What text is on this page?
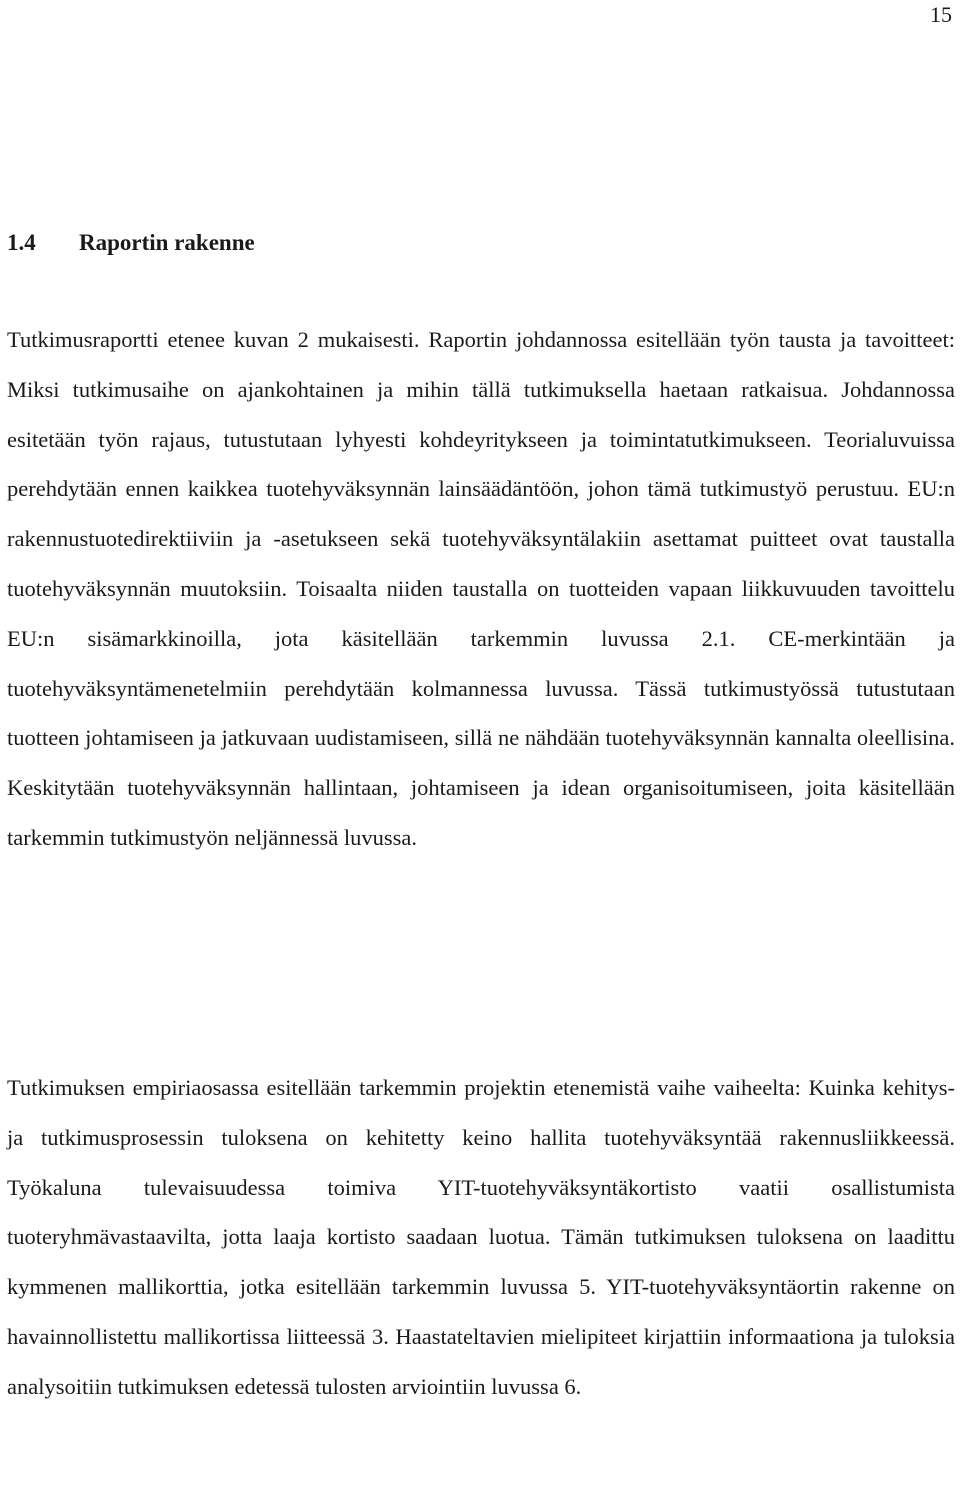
15
1.4 Raportin rakenne

Tutkimusraportti etenee kuvan 2 mukaisesti. Raportin johdannossa esitellään työn tausta ja tavoitteet: Miksi tutkimusaihe on ajankohtainen ja mihin tällä tutkimuksella haetaan ratkaisua. Johdannossa esitetään työn rajaus, tutustutaan lyhyesti kohdeyritykseen ja toimintatutkimukseen. Teorialuvuissa perehdytään ennen kaikkea tuotehyväksynnän lainsäädäntöön, johon tämä tutkimustyö perustuu. EU:n rakennustuotedirektiiviin ja -asetukseen sekä tuotehyväksyntälakiin asettamat puitteet ovat taustalla tuotehyväksynnän muutoksiin. Toisaalta niiden taustalla on tuotteiden vapaan liikkuvuuden tavoittelu EU:n sisämarkkinoilla, jota käsitellään tarkemmin luvussa 2.1. CE-merkintään ja tuotehyväksyntämenetelmiin perehdytään kolmannessa luvussa. Tässä tutkimustyössä tutustutaan tuotteen johtamiseen ja jatkuvaan uudistamiseen, sillä ne nähdään tuotehyväksynnän kannalta oleellisina. Keskitytään tuotehyväksynnän hallintaan, johtamiseen ja idean organisoitumiseen, joita käsitellään tarkemmin tutkimustyön neljännessä luvussa.

Tutkimuksen empiriaosassa esitellään tarkemmin projektin etenemistä vaihe vaiheelta: Kuinka kehitys- ja tutkimusprosessin tuloksena on kehitetty keino hallita tuotehyväksyntää rakennusliikkeessä. Työkaluna tulevaisuudessa toimiva YIT-tuotehyväksyntäkortisto vaatii osallistumista tuoteryhmävastaavilta, jotta laaja kortisto saadaan luotua. Tämän tutkimuksen tuloksena on laadittu kymmenen mallikorttia, jotka esitellään tarkemmin luvussa 5. YIT-tuotehyväksyntäortin rakenne on havainnollistettu mallikortissa liitteessä 3. Haastateltavien mielipiteet kirjattiin informaationa ja tuloksia analysoitiin tutkimuksen edetessä tulosten arviointiin luvussa 6.
